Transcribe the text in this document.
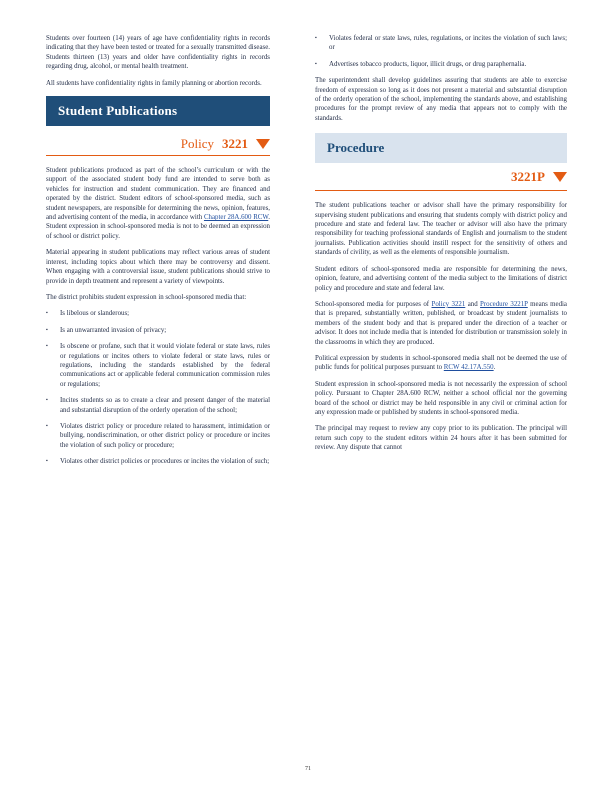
Students over fourteen (14) years of age have confidentiality rights in records indicating that they have been tested or treated for a sexually transmitted disease. Students thirteen (13) years and older have confidentiality rights in records regarding drug, alcohol, or mental health treatment.

All students have confidentiality rights in family planning or abortion records.

Student Publications
Policy 3221

Student publications produced as part of the school’s curriculum or with the support of the associated student body fund are intended to serve both as vehicles for instruction and student communication. They are financed and operated by the district. Student editors of school-sponsored media, such as student newspapers, are responsible for determining the news, opinion, features, and advertising content of the media, in accordance with Chapter 28A.600 RCW. Student expression in school-sponsored media is not to be deemed an expression of school or district policy.

Material appearing in student publications may reflect various areas of student interest, including topics about which there may be controversy and dissent. When engaging with a controversial issue, student publications should strive to provide in depth treatment and represent a variety of viewpoints.

The district prohibits student expression in school-sponsored media that:

▪ Is libelous or slanderous;
▪ Is an unwarranted invasion of privacy;
▪ Is obscene or profane, such that it would violate federal or state laws, rules or regulations or incites others to violate federal or state laws, rules or regulations, including the standards established by the federal communications act or applicable federal communication commission rules or regulations;
▪ Incites students so as to create a clear and present danger of the material and substantial disruption of the orderly operation of the school;
▪ Violates district policy or procedure related to harassment, intimidation or bullying, nondiscrimination, or other district policy or procedure or incites the violation of such policy or procedure;
▪ Violates other district policies or procedures or incites the violation of such;
▪ Violates federal or state laws, rules, regulations, or incites the violation of such laws; or
▪ Advertises tobacco products, liquor, illicit drugs, or drug paraphernalia.

The superintendent shall develop guidelines assuring that students are able to exercise freedom of expression so long as it does not present a material and substantial disruption of the orderly operation of the school, implementing the standards above, and establishing procedures for the prompt review of any media that appears not to comply with the standards.

Procedure
3221P

The student publications teacher or advisor shall have the primary responsibility for supervising student publications and ensuring that students comply with district policy and procedure and state and federal law. The teacher or advisor will also have the primary responsibility for teaching professional standards of English and journalism to the student journalists. Publication activities should instill respect for the sensitivity of others and standards of civility, as well as the elements of responsible journalism.

Student editors of school-sponsored media are responsible for determining the news, opinion, feature, and advertising content of the media subject to the limitations of district policy and procedure and state and federal law.

School-sponsored media for purposes of Policy 3221 and Procedure 3221P means media that is prepared, substantially written, published, or broadcast by student journalists to members of the student body and that is prepared under the direction of a teacher or advisor. It does not include media that is intended for distribution or transmission solely in the classrooms in which they are produced.

Political expression by students in school-sponsored media shall not be deemed the use of public funds for political purposes pursuant to RCW 42.17A.550.

Student expression in school-sponsored media is not necessarily the expression of school policy. Pursuant to Chapter 28A.600 RCW, neither a school official nor the governing board of the school or district may be held responsible in any civil or criminal action for any expression made or published by students in school-sponsored media.

The principal may request to review any copy prior to its publication. The principal will return such copy to the student editors within 24 hours after it has been submitted for review. Any dispute that cannot

71
